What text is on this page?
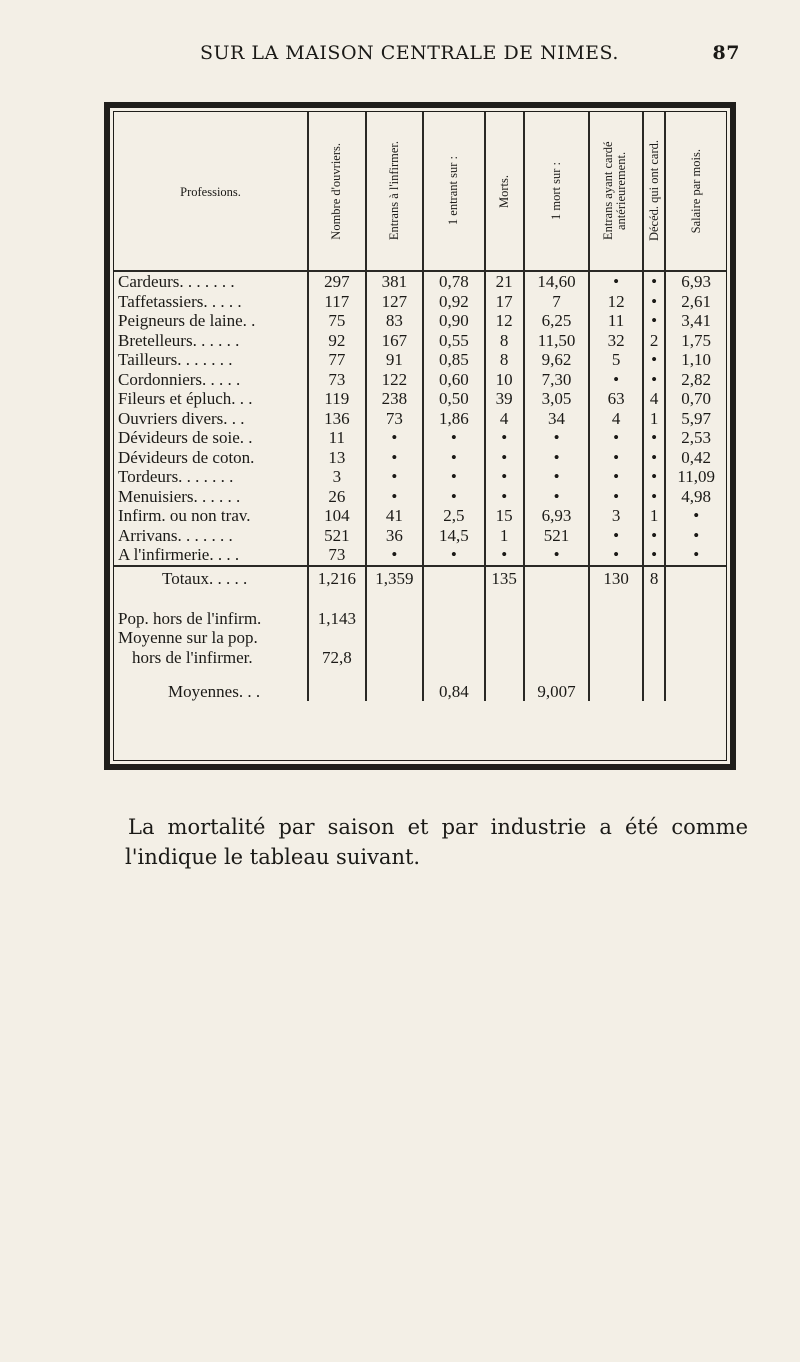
SUR LA MAISON CENTRALE DE NIMES.	87
Professions.	Nombre d'ouvriers.	Entrans à l'infirmer.	1 entrant sur :	Morts.	1 mort sur :	Entrans ayant cardé antérieurement.	Décéd. qui ont card.	Salaire par mois.

Cardeurs. . . . . . .	297	381	0,78	21	14,60	•	•	6,93
Taffetassiers. . . . .	117	127	0,92	17	7	12	•	2,61
Peigneurs de laine. .	75	83	0,90	12	6,25	11	•	3,41
Bretelleurs. . . . . .	92	167	0,55	8	11,50	32	2	1,75
Tailleurs. . . . . . .	77	91	0,85	8	9,62	5	•	1,10
Cordonniers. . . . .	73	122	0,60	10	7,30	•	•	2,82
Fileurs et épluch. . .	119	238	0,50	39	3,05	63	4	0,70
Ouvriers divers. . .	136	73	1,86	4	34	4	1	5,97
Dévideurs de soie. .	11	•	•	•	•	•	•	2,53
Dévideurs de coton.	13	•	•	•	•	•	•	0,42
Tordeurs. . . . . . .	3	•	•	•	•	•	•	11,09
Menuisiers. . . . . .	26	•	•	•	•	•	•	4,98
Infirm. ou non trav.	104	41	2,5	15	6,93	3	1	•
Arrivans. . . . . . .	521	36	14,5	1	521	•	•	•
A l'infirmerie. . . .	73	•	•	•	•	•	•	•
Totaux. . . . .	1,216	1,359		135		130	8	

Pop. hors de l'infirm.	1,143							
Moyenne sur la pop.								
hors de l'infirmer.	72,8							
Moyennes. . .			0,84		9,007			
La mortalité par saison et par industrie a été comme
l'indique le tableau suivant.
